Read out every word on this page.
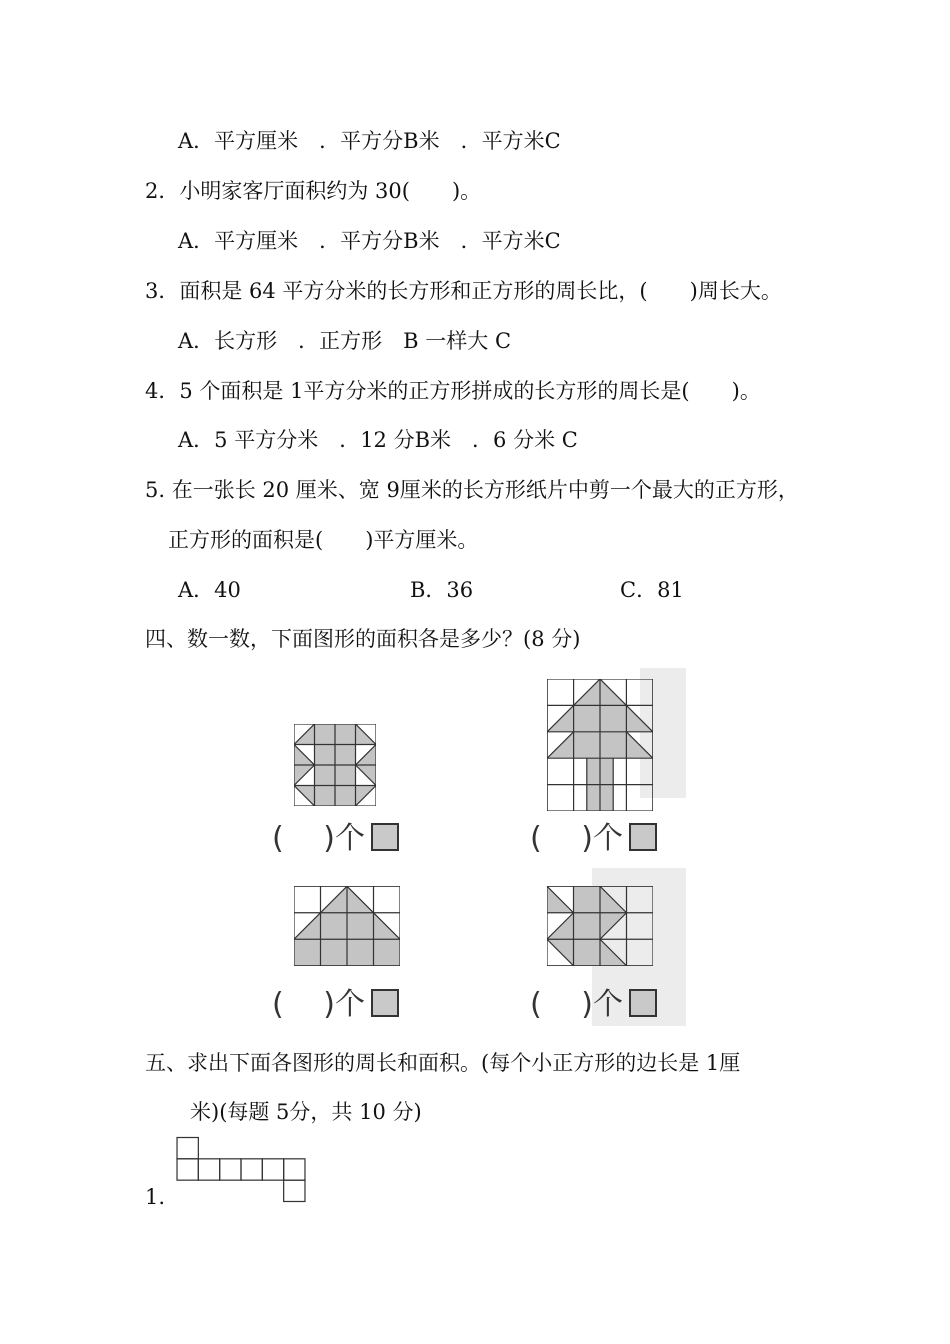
A．平方厘米　．平方分B米　．平方米C
2．小明家客厅面积约为 30(　　)。
A．平方厘米　．平方分B米　．平方米C
3．面积是 64 平方分米的长方形和正方形的周长比，(　　)周长大。
A．长方形　．正方形　B 一样大 C
4．5 个面积是 1平方分米的正方形拼成的长方形的周长是(　　)。
A．5 平方分米　．12 分B米　．6 分米 C
5. 在一张长 20 厘米、宽 9厘米的长方形纸片中剪一个最大的正方形，
正方形的面积是(　　)平方厘米。
A．40	B．36	C．81
四、数一数，下面图形的面积各是多少？(8 分)
(　 )个	(　 )个
(　 )个	(　 )个
五、求出下面各图形的周长和面积。(每个小正方形的边长是 1厘
米)(每题 5分，共 10 分)
1.
